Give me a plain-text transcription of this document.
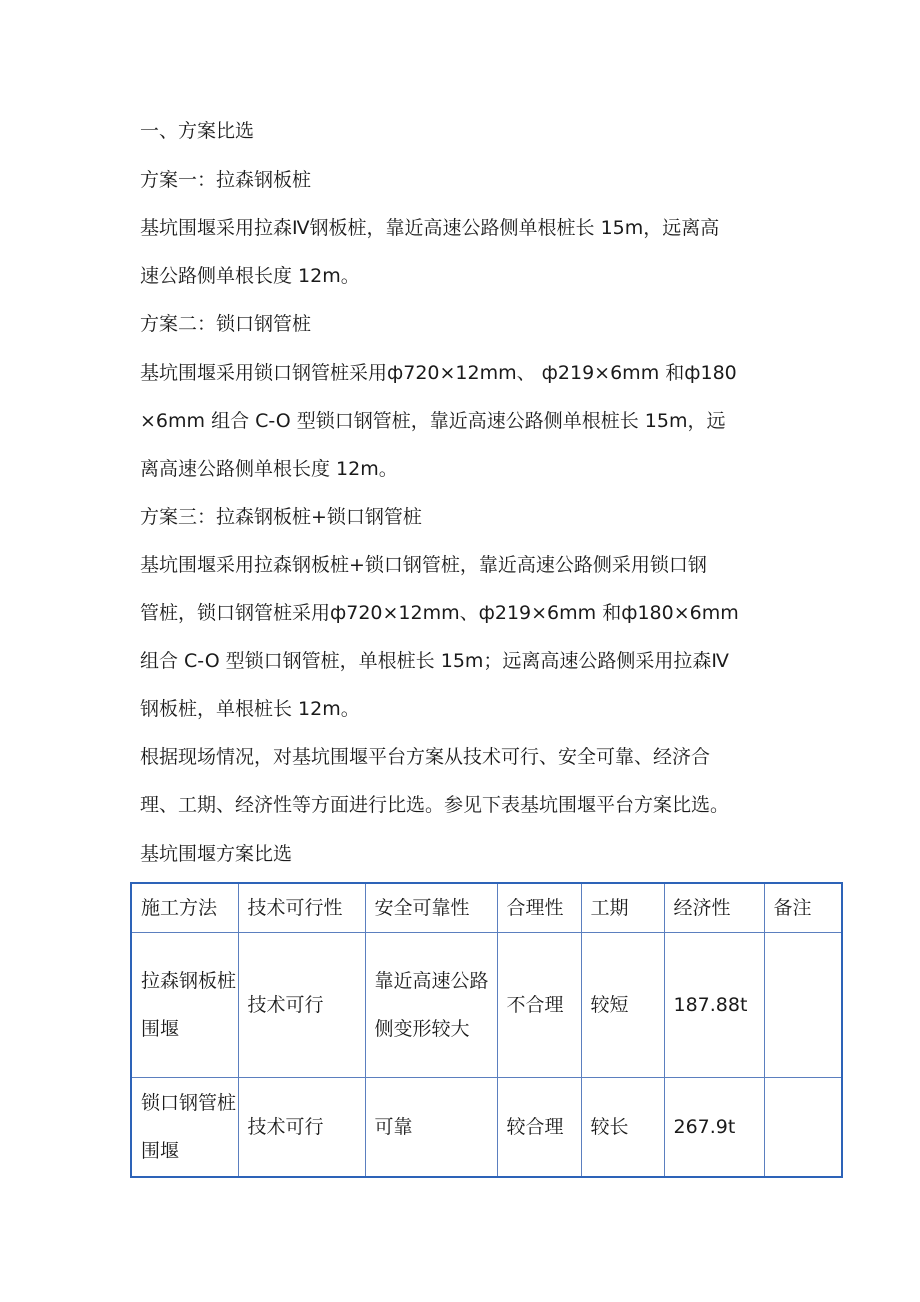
一、方案比选

方案一：拉森钢板桩

基坑围堰采用拉森Ⅳ钢板桩，靠近高速公路侧单根桩长 15m，远离高

速公路侧单根长度 12m。

方案二：锁口钢管桩

基坑围堰采用锁口钢管桩采用ф720×12mm、 ф219×6mm 和ф180

×6mm 组合 C-O 型锁口钢管桩，靠近高速公路侧单根桩长 15m，远

离高速公路侧单根长度 12m。

方案三：拉森钢板桩+锁口钢管桩

基坑围堰采用拉森钢板桩+锁口钢管桩，靠近高速公路侧采用锁口钢

管桩，锁口钢管桩采用ф720×12mm、ф219×6mm 和ф180×6mm

组合 C-O 型锁口钢管桩，单根桩长 15m；远离高速公路侧采用拉森Ⅳ

钢板桩，单根桩长 12m。

根据现场情况，对基坑围堰平台方案从技术可行、安全可靠、经济合

理、工期、经济性等方面进行比选。参见下表基坑围堰平台方案比选。

基坑围堰方案比选
施工方法	技术可行性	安全可靠性	合理性	工期	经济性	备注
拉森钢板桩围堰	技术可行	靠近高速公路侧变形较大	不合理	较短	187.88t	
锁口钢管桩围堰	技术可行	可靠	较合理	较长	267.9t	
